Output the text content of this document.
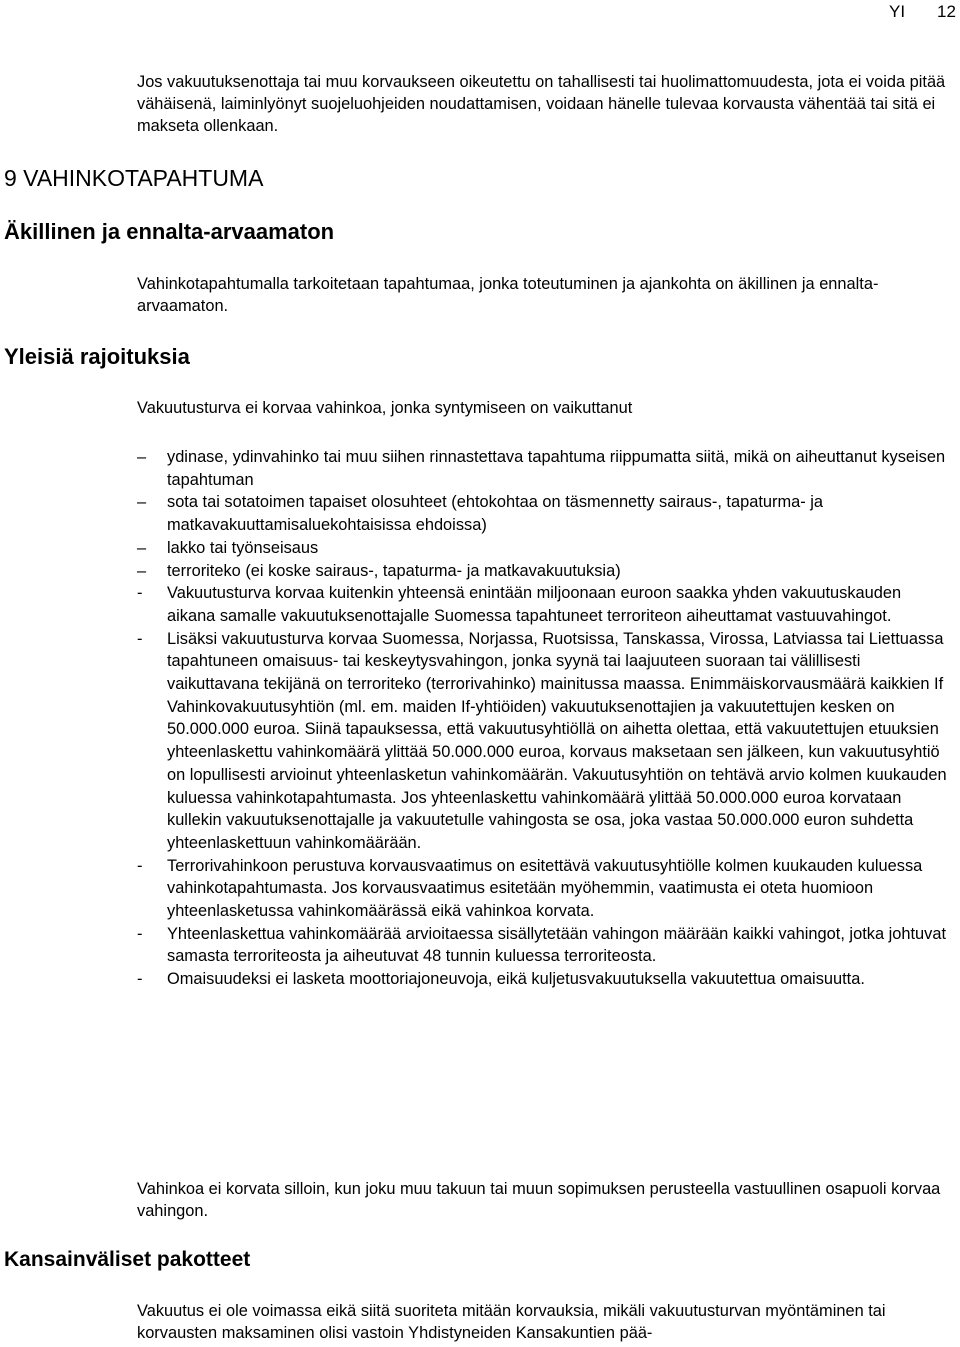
YI 12

Jos vakuutuksenottaja tai muu korvaukseen oikeutettu on tahallisesti tai huolimattomuudesta, jota ei voida pitää vähäisenä, laiminlyönyt suojeluohjeiden noudattamisen, voidaan hänelle tulevaa korvausta vähentää tai sitä ei makseta ollenkaan.

9 VAHINKOTAPAHTUMA
Äkillinen ja ennalta-arvaamaton

Vahinkotapahtumalla tarkoitetaan tapahtumaa, jonka toteutuminen ja ajankohta on äkillinen ja ennalta-arvaamaton.

Yleisiä rajoituksia

Vakuutusturva ei korvaa vahinkoa, jonka syntymiseen on vaikuttanut

–	ydinase, ydinvahinko tai muu siihen rinnastettava tapahtuma riippumatta siitä, mikä on aiheuttanut kyseisen tapahtuman
–	sota tai sotatoimen tapaiset olosuhteet (ehtokohtaa on täsmennetty sairaus-, tapaturma- ja matkavakuuttamisaluekohtaisissa ehdoissa)
–	lakko tai työnseisaus
–	terroriteko (ei koske sairaus-, tapaturma- ja matkavakuutuksia)
-	Vakuutusturva korvaa kuitenkin yhteensä enintään miljoonaan euroon saakka yhden vakuutuskauden aikana samalle vakuutuksenottajalle Suomessa tapahtuneet terroriteon aiheuttamat vastuuvahingot.
-	Lisäksi vakuutusturva korvaa Suomessa, Norjassa, Ruotsissa, Tanskassa, Virossa, Latviassa tai Liettuassa tapahtuneen omaisuus- tai keskeytysvahingon, jonka syynä tai laajuuteen suoraan tai välillisesti vaikuttavana tekijänä on terroriteko (terrorivahinko) mainitussa maassa. Enimmäiskorvausmäärä kaikkien If Vahinkovakuutusyhtiön (ml. em. maiden If-yhtiöiden) vakuutuksenottajien ja vakuutettujen kesken on 50.000.000 euroa. Siinä tapauksessa, että vakuutusyhtiöllä on aihetta olettaa, että vakuutettujen etuuksien yhteenlaskettu vahinkomäärä ylittää 50.000.000 euroa, korvaus maksetaan sen jälkeen, kun vakuutusyhtiö on lopullisesti arvioinut yhteenlasketun vahinkomäärän. Vakuutusyhtiön on tehtävä arvio kolmen kuukauden kuluessa vahinkotapahtumasta. Jos yhteenlaskettu vahinkomäärä ylittää 50.000.000 euroa korvataan kullekin vakuutuksenottajalle ja vakuutetulle vahingosta se osa, joka vastaa 50.000.000 euron suhdetta yhteenlaskettuun vahinkomäärään.
-	Terrorivahinkoon perustuva korvausvaatimus on esitettävä vakuutusyhtiölle kolmen kuukauden kuluessa vahinkotapahtumasta. Jos korvausvaatimus esitetään myöhemmin, vaatimusta ei oteta huomioon yhteenlasketussa vahinkomäärässä eikä vahinkoa korvata.
-	Yhteenlaskettua vahinkomäärää arvioitaessa sisällytetään vahingon määrään kaikki vahingot, jotka johtuvat samasta terroriteosta ja aiheutuvat 48 tunnin kuluessa terroriteosta.
-	Omaisuudeksi ei lasketa moottoriajoneuvoja, eikä kuljetusvakuutuksella vakuutettua omaisuutta.

Vahinkoa ei korvata silloin, kun joku muu takuun tai muun sopimuksen perusteella vastuullinen osapuoli korvaa vahingon.

Kansainväliset pakotteet

Vakuutus ei ole voimassa eikä siitä suoriteta mitään korvauksia, mikäli vakuutusturvan myöntäminen tai korvausten maksaminen olisi vastoin Yhdistyneiden Kansakuntien pää-
